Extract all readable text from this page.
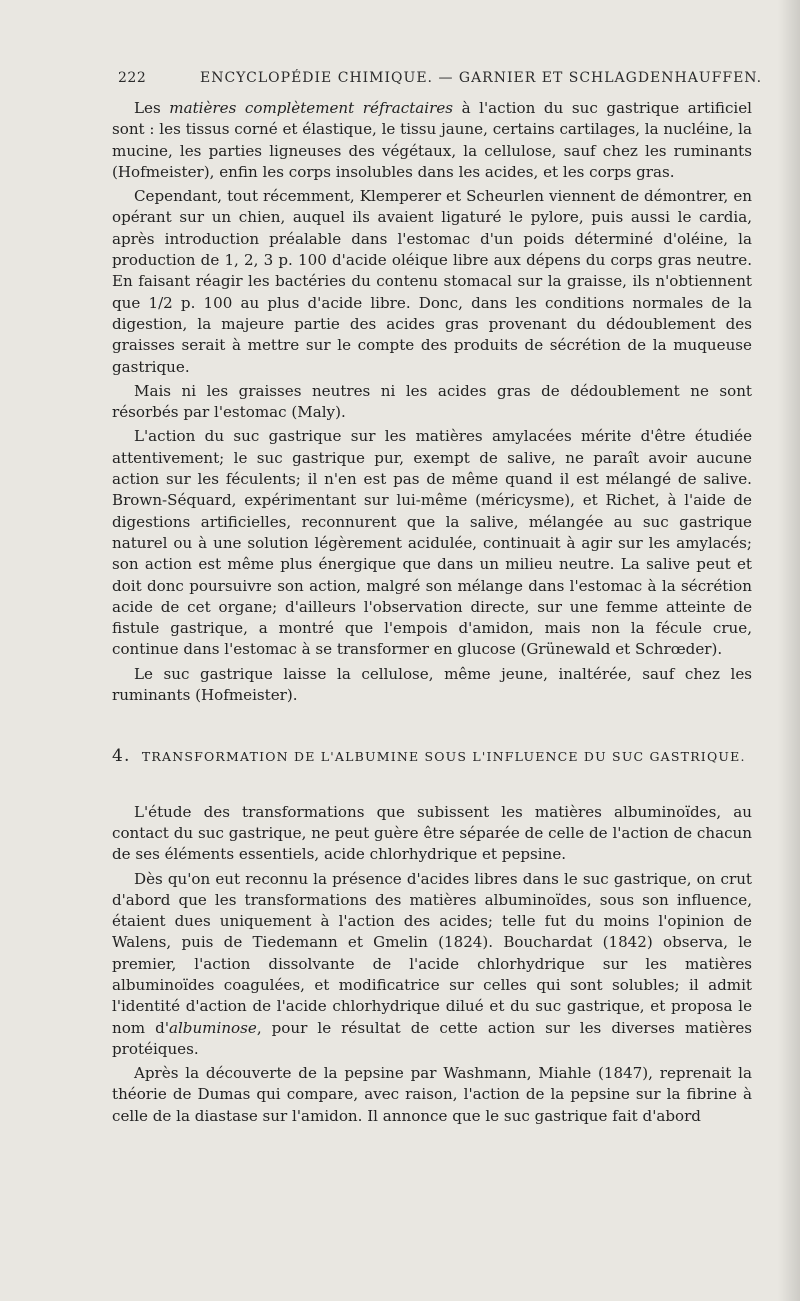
222	ENCYCLOPÉDIE CHIMIQUE. — GARNIER ET SCHLAGDENHAUFFEN.

Les matières complètement réfractaires à l'action du suc gastrique artificiel sont : les tissus corné et élastique, le tissu jaune, certains cartilages, la nucléine, la mucine, les parties ligneuses des végétaux, la cellulose, sauf chez les ruminants (Hofmeister), enfin les corps insolubles dans les acides, et les corps gras.

Cependant, tout récemment, Klemperer et Scheurlen viennent de démontrer, en opérant sur un chien, auquel ils avaient ligaturé le pylore, puis aussi le cardia, après introduction préalable dans l'estomac d'un poids déterminé d'oléine, la production de 1, 2, 3 p. 100 d'acide oléique libre aux dépens du corps gras neutre. En faisant réagir les bactéries du contenu stomacal sur la graisse, ils n'obtiennent que 1/2 p. 100 au plus d'acide libre. Donc, dans les conditions normales de la digestion, la majeure partie des acides gras provenant du dédoublement des graisses serait à mettre sur le compte des produits de sécrétion de la muqueuse gastrique.

Mais ni les graisses neutres ni les acides gras de dédoublement ne sont résorbés par l'estomac (Maly).

L'action du suc gastrique sur les matières amylacées mérite d'être étudiée attentivement; le suc gastrique pur, exempt de salive, ne paraît avoir aucune action sur les féculents; il n'en est pas de même quand il est mélangé de salive. Brown-Séquard, expérimentant sur lui-même (méricysme), et Richet, à l'aide de digestions artificielles, reconnurent que la salive, mélangée au suc gastrique naturel ou à une solution légèrement acidulée, continuait à agir sur les amylacés; son action est même plus énergique que dans un milieu neutre. La salive peut et doit donc poursuivre son action, malgré son mélange dans l'estomac à la sécrétion acide de cet organe; d'ailleurs l'observation directe, sur une femme atteinte de fistule gastrique, a montré que l'empois d'amidon, mais non la fécule crue, continue dans l'estomac à se transformer en glucose (Grünewald et Schrœder).

Le suc gastrique laisse la cellulose, même jeune, inaltérée, sauf chez les ruminants (Hofmeister).

4. TRANSFORMATION DE L'ALBUMINE SOUS L'INFLUENCE DU SUC GASTRIQUE.

L'étude des transformations que subissent les matières albuminoïdes, au contact du suc gastrique, ne peut guère être séparée de celle de l'action de chacun de ses éléments essentiels, acide chlorhydrique et pepsine.

Dès qu'on eut reconnu la présence d'acides libres dans le suc gastrique, on crut d'abord que les transformations des matières albuminoïdes, sous son influence, étaient dues uniquement à l'action des acides; telle fut du moins l'opinion de Walens, puis de Tiedemann et Gmelin (1824). Bouchardat (1842) observa, le premier, l'action dissolvante de l'acide chlorhydrique sur les matières albuminoïdes coagulées, et modificatrice sur celles qui sont solubles; il admit l'identité d'action de l'acide chlorhydrique dilué et du suc gastrique, et proposa le nom d'albuminose, pour le résultat de cette action sur les diverses matières protéiques.

Après la découverte de la pepsine par Washmann, Miahle (1847), reprenait la théorie de Dumas qui compare, avec raison, l'action de la pepsine sur la fibrine à celle de la diastase sur l'amidon. Il annonce que le suc gastrique fait d'abord
